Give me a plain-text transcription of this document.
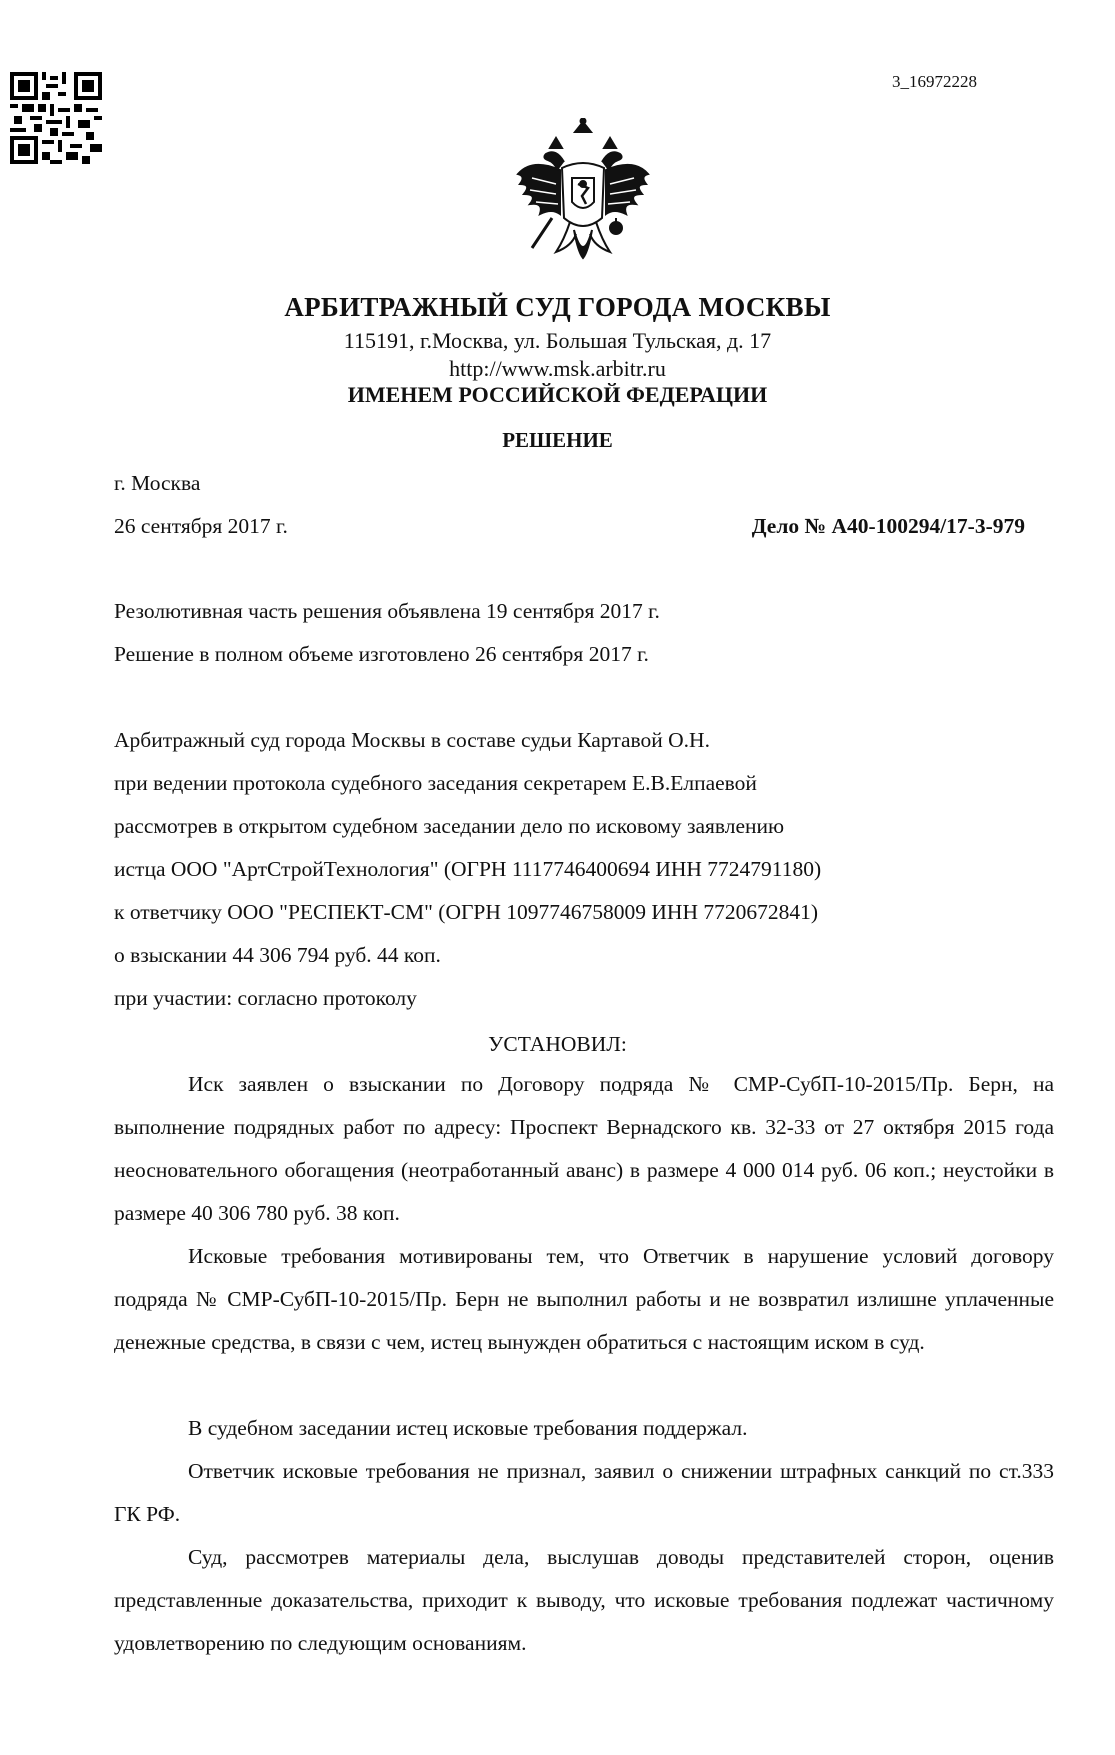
3_16972228
АРБИТРАЖНЫЙ СУД ГОРОДА МОСКВЫ
115191, г.Москва, ул. Большая Тульская, д. 17
http://www.msk.arbitr.ru
ИМЕНЕМ РОССИЙСКОЙ ФЕДЕРАЦИИ
РЕШЕНИЕ
г. Москва
26 сентября 2017 г.	Дело № А40-100294/17-3-979
Резолютивная часть решения объявлена 19 сентября 2017 г.
Решение в полном объеме изготовлено 26 сентября 2017 г.
Арбитражный суд города Москвы в составе судьи Картавой О.Н.
при ведении протокола судебного заседания секретарем Е.В.Елпаевой
рассмотрев в открытом судебном заседании дело по исковому заявлению
истца ООО "АртСтройТехнология" (ОГРН 1117746400694 ИНН 7724791180)
к ответчику ООО "РЕСПЕКТ-СМ" (ОГРН 1097746758009 ИНН 7720672841)
о взыскании 44 306 794 руб. 44 коп.
при участии: согласно протоколу
УСТАНОВИЛ:
Иск заявлен о взыскании по Договору подряда № СМР-СубП-10-2015/Пр. Берн, на выполнение подрядных работ по адресу: Проспект Вернадского кв. 32-33 от 27 октября 2015 года неосновательного обогащения (неотработанный аванс) в размере 4 000 014 руб. 06 коп.; неустойки в размере 40 306 780 руб. 38 коп.
Исковые требования мотивированы тем, что Ответчик в нарушение условий договору подряда № СМР-СубП-10-2015/Пр. Берн не выполнил работы и не возвратил излишне уплаченные денежные средства, в связи с чем, истец вынужден обратиться с настоящим иском в суд.
В судебном заседании истец исковые требования поддержал.
Ответчик исковые требования не признал, заявил о снижении штрафных санкций по ст.333 ГК РФ.
Суд, рассмотрев материалы дела, выслушав доводы представителей сторон, оценив представленные доказательства, приходит к выводу, что исковые требования подлежат частичному удовлетворению по следующим основаниям.
